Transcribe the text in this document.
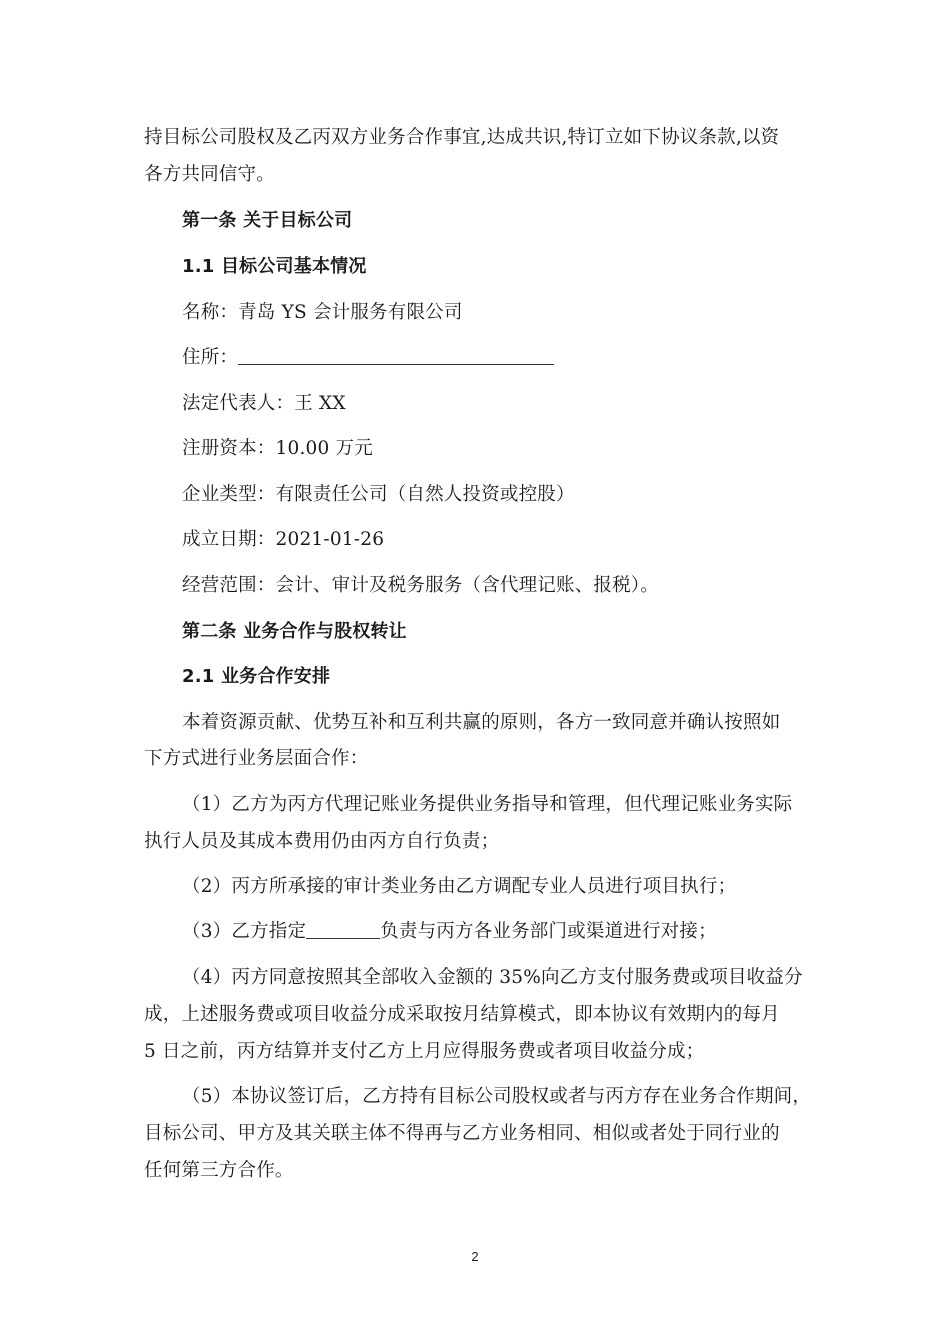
持目标公司股权及乙丙双方业务合作事宜,达成共识,特订立如下协议条款,以资
各方共同信守。
第一条 关于目标公司
1.1 目标公司基本情况
名称：青岛 YS 会计服务有限公司
住所：
法定代表人：王 XX
注册资本：10.00 万元
企业类型：有限责任公司（自然人投资或控股）
成立日期：2021-01-26
经营范围：会计、审计及税务服务（含代理记账、报税）。
第二条 业务合作与股权转让
2.1 业务合作安排
本着资源贡献、优势互补和互利共赢的原则，各方一致同意并确认按照如
下方式进行业务层面合作：
（1）乙方为丙方代理记账业务提供业务指导和管理，但代理记账业务实际
执行人员及其成本费用仍由丙方自行负责；
（2）丙方所承接的审计类业务由乙方调配专业人员进行项目执行；
（3）乙方指定	负责与丙方各业务部门或渠道进行对接；
（4）丙方同意按照其全部收入金额的 35%向乙方支付服务费或项目收益分
成，上述服务费或项目收益分成采取按月结算模式，即本协议有效期内的每月
5 日之前，丙方结算并支付乙方上月应得服务费或者项目收益分成；
（5）本协议签订后，乙方持有目标公司股权或者与丙方存在业务合作期间，
目标公司、甲方及其关联主体不得再与乙方业务相同、相似或者处于同行业的
任何第三方合作。
2
